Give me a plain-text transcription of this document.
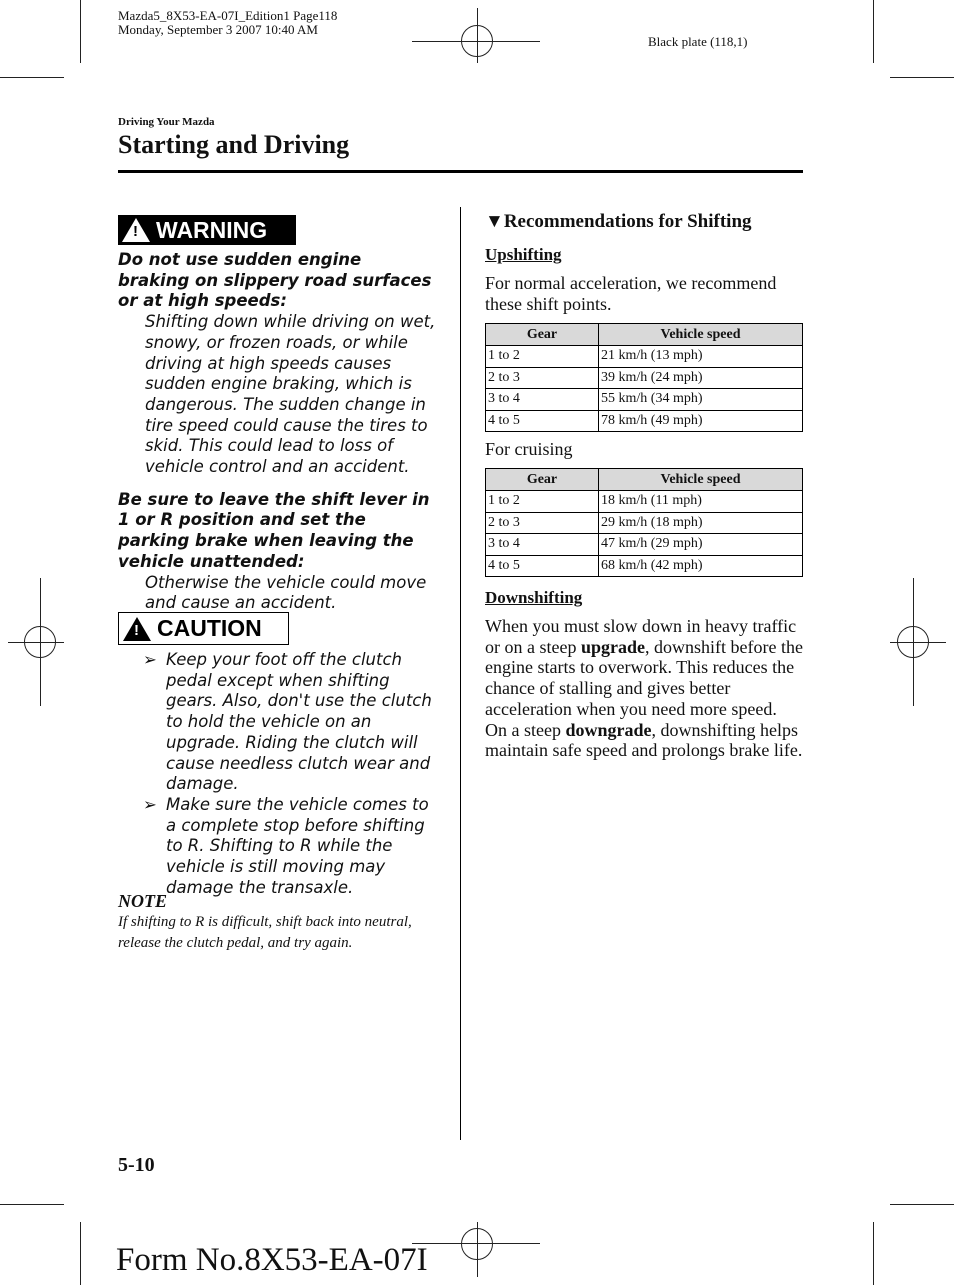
Mazda5_8X53-EA-07I_Edition1 Page118
Monday, September 3 2007 10:40 AM
Black plate (118,1)
Driving Your Mazda
Starting and Driving
! WARNING
Do not use sudden engine braking on slippery road surfaces or at high speeds:
Shifting down while driving on wet, snowy, or frozen roads, or while driving at high speeds causes sudden engine braking, which is dangerous. The sudden change in tire speed could cause the tires to skid. This could lead to loss of vehicle control and an accident.
Be sure to leave the shift lever in 1 or R position and set the parking brake when leaving the vehicle unattended:
Otherwise the vehicle could move and cause an accident.
! CAUTION
➢ Keep your foot off the clutch pedal except when shifting gears. Also, don't use the clutch to hold the vehicle on an upgrade. Riding the clutch will cause needless clutch wear and damage.
➢ Make sure the vehicle comes to a complete stop before shifting to R. Shifting to R while the vehicle is still moving may damage the transaxle.
NOTE
If shifting to R is difficult, shift back into neutral, release the clutch pedal, and try again.
▼Recommendations for Shifting
Upshifting
For normal acceleration, we recommend these shift points.
Gear	Vehicle speed
1 to 2	21 km/h (13 mph)
2 to 3	39 km/h (24 mph)
3 to 4	55 km/h (34 mph)
4 to 5	78 km/h (49 mph)
For cruising
Gear	Vehicle speed
1 to 2	18 km/h (11 mph)
2 to 3	29 km/h (18 mph)
3 to 4	47 km/h (29 mph)
4 to 5	68 km/h (42 mph)
Downshifting
When you must slow down in heavy traffic or on a steep upgrade, downshift before the engine starts to overwork. This reduces the chance of stalling and gives better acceleration when you need more speed.
On a steep downgrade, downshifting helps maintain safe speed and prolongs brake life.
5-10
Form No.8X53-EA-07I
